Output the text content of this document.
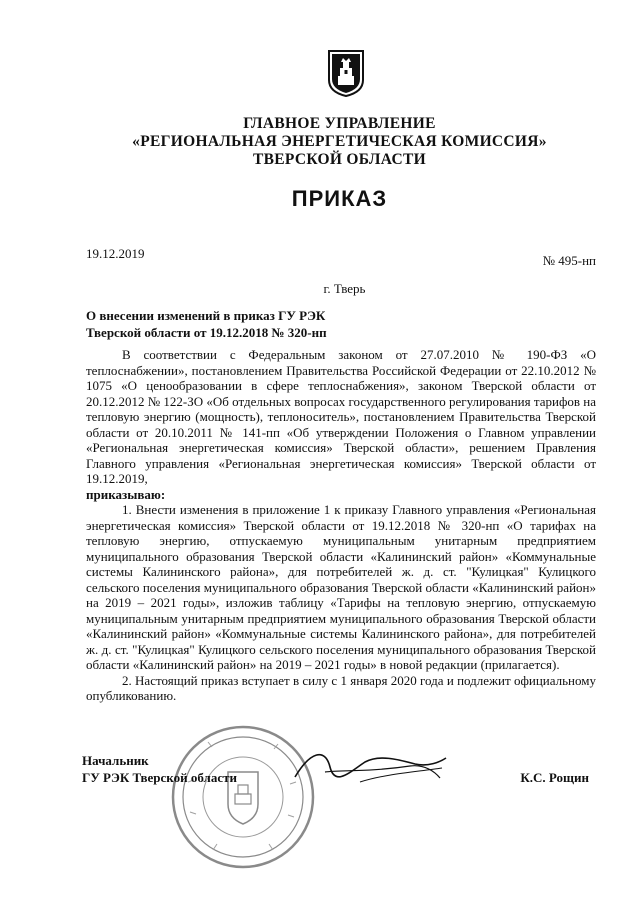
ГЛАВНОЕ УПРАВЛЕНИЕ
«РЕГИОНАЛЬНАЯ ЭНЕРГЕТИЧЕСКАЯ КОМИССИЯ»
ТВЕРСКОЙ ОБЛАСТИ
ПРИКАЗ
19.12.2019	№ 495-нп
г. Тверь
О внесении изменений в приказ ГУ РЭК
Тверской области от 19.12.2018 № 320-нп

В соответствии с Федеральным законом от 27.07.2010 № 190-ФЗ «О теплоснабжении», постановлением Правительства Российской Федерации от 22.10.2012 № 1075 «О ценообразовании в сфере теплоснабжения», законом Тверской области от 20.12.2012 № 122-ЗО «Об отдельных вопросах государственного регулирования тарифов на тепловую энергию (мощность), теплоноситель», постановлением Правительства Тверской области от 20.10.2011 № 141-пп «Об утверждении Положения о Главном управлении «Региональная энергетическая комиссия» Тверской области», решением Правления Главного управления «Региональная энергетическая комиссия» Тверской области от 19.12.2019,

приказываю:

1. Внести изменения в приложение 1 к приказу Главного управления «Региональная энергетическая комиссия» Тверской области от 19.12.2018 № 320-нп «О тарифах на тепловую энергию, отпускаемую муниципальным унитарным предприятием муниципального образования Тверской области «Калининский район» «Коммунальные системы Калининского района», для потребителей ж. д. ст. "Кулицкая" Кулицкого сельского поселения муниципального образования Тверской области «Калининский район» на 2019 – 2021 годы», изложив таблицу «Тарифы на тепловую энергию, отпускаемую муниципальным унитарным предприятием муниципального образования Тверской области «Калининский район» «Коммунальные системы Калининского района», для потребителей ж. д. ст. "Кулицкая" Кулицкого сельского поселения муниципального образования Тверской области «Калининский район» на 2019 – 2021 годы» в новой редакции (прилагается).

2. Настоящий приказ вступает в силу с 1 января 2020 года и подлежит официальному опубликованию.

Начальник
ГУ РЭК Тверской области	К.С. Рощин
